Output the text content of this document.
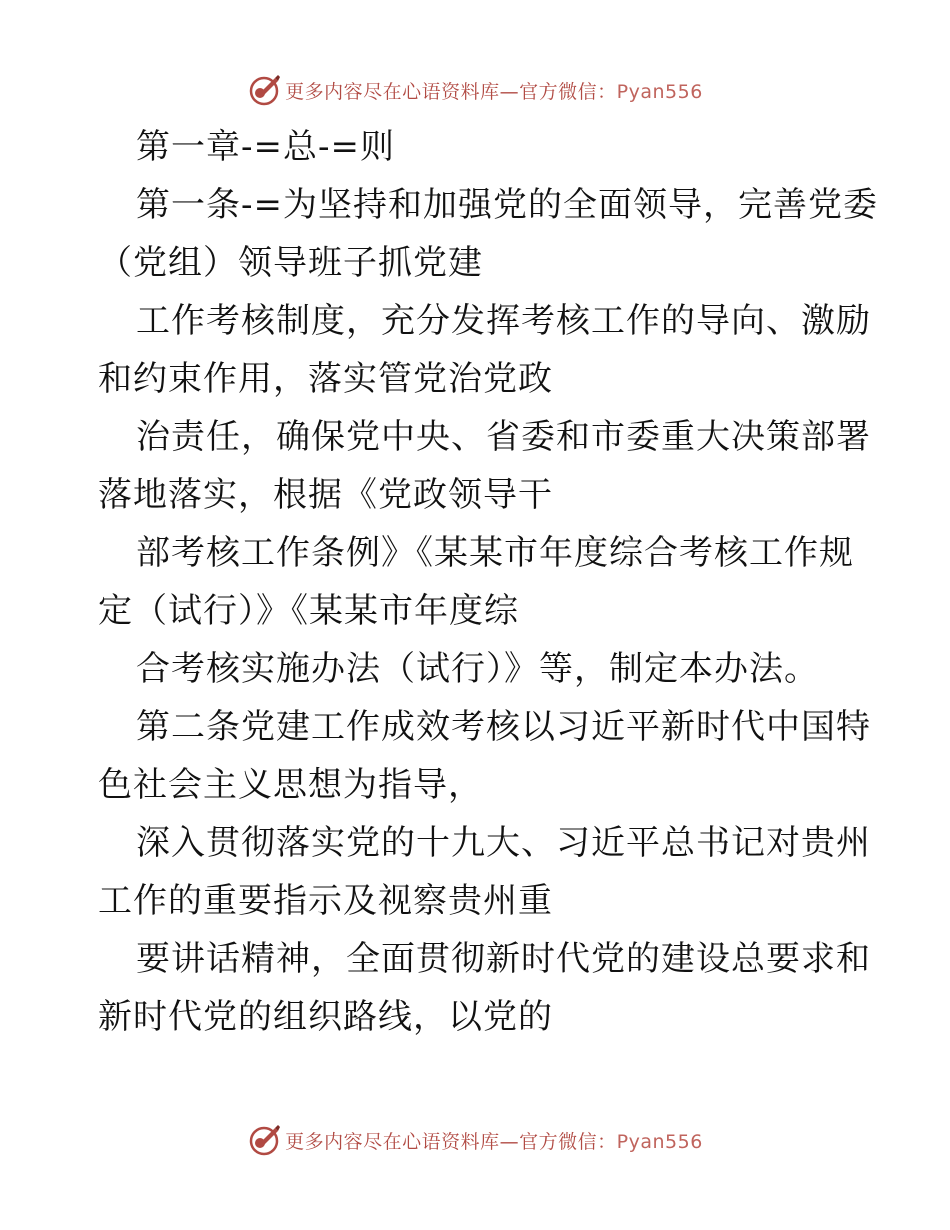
更多内容尽在心语资料库—官方微信：Pyan556
第一章-=总-=则
第一条-=为坚持和加强党的全面领导，完善党委
（党组）领导班子抓党建
工作考核制度，充分发挥考核工作的导向、激励
和约束作用，落实管党治党政
治责任，确保党中央、省委和市委重大决策部署
落地落实，根据《党政领导干
部考核工作条例》《某某市年度综合考核工作规
定（试行）》《某某市年度综
合考核实施办法（试行）》等，制定本办法。
第二条党建工作成效考核以习近平新时代中国特
色社会主义思想为指导，
深入贯彻落实党的十九大、习近平总书记对贵州
工作的重要指示及视察贵州重
要讲话精神，全面贯彻新时代党的建设总要求和
新时代党的组织路线，以党的
更多内容尽在心语资料库—官方微信：Pyan556
